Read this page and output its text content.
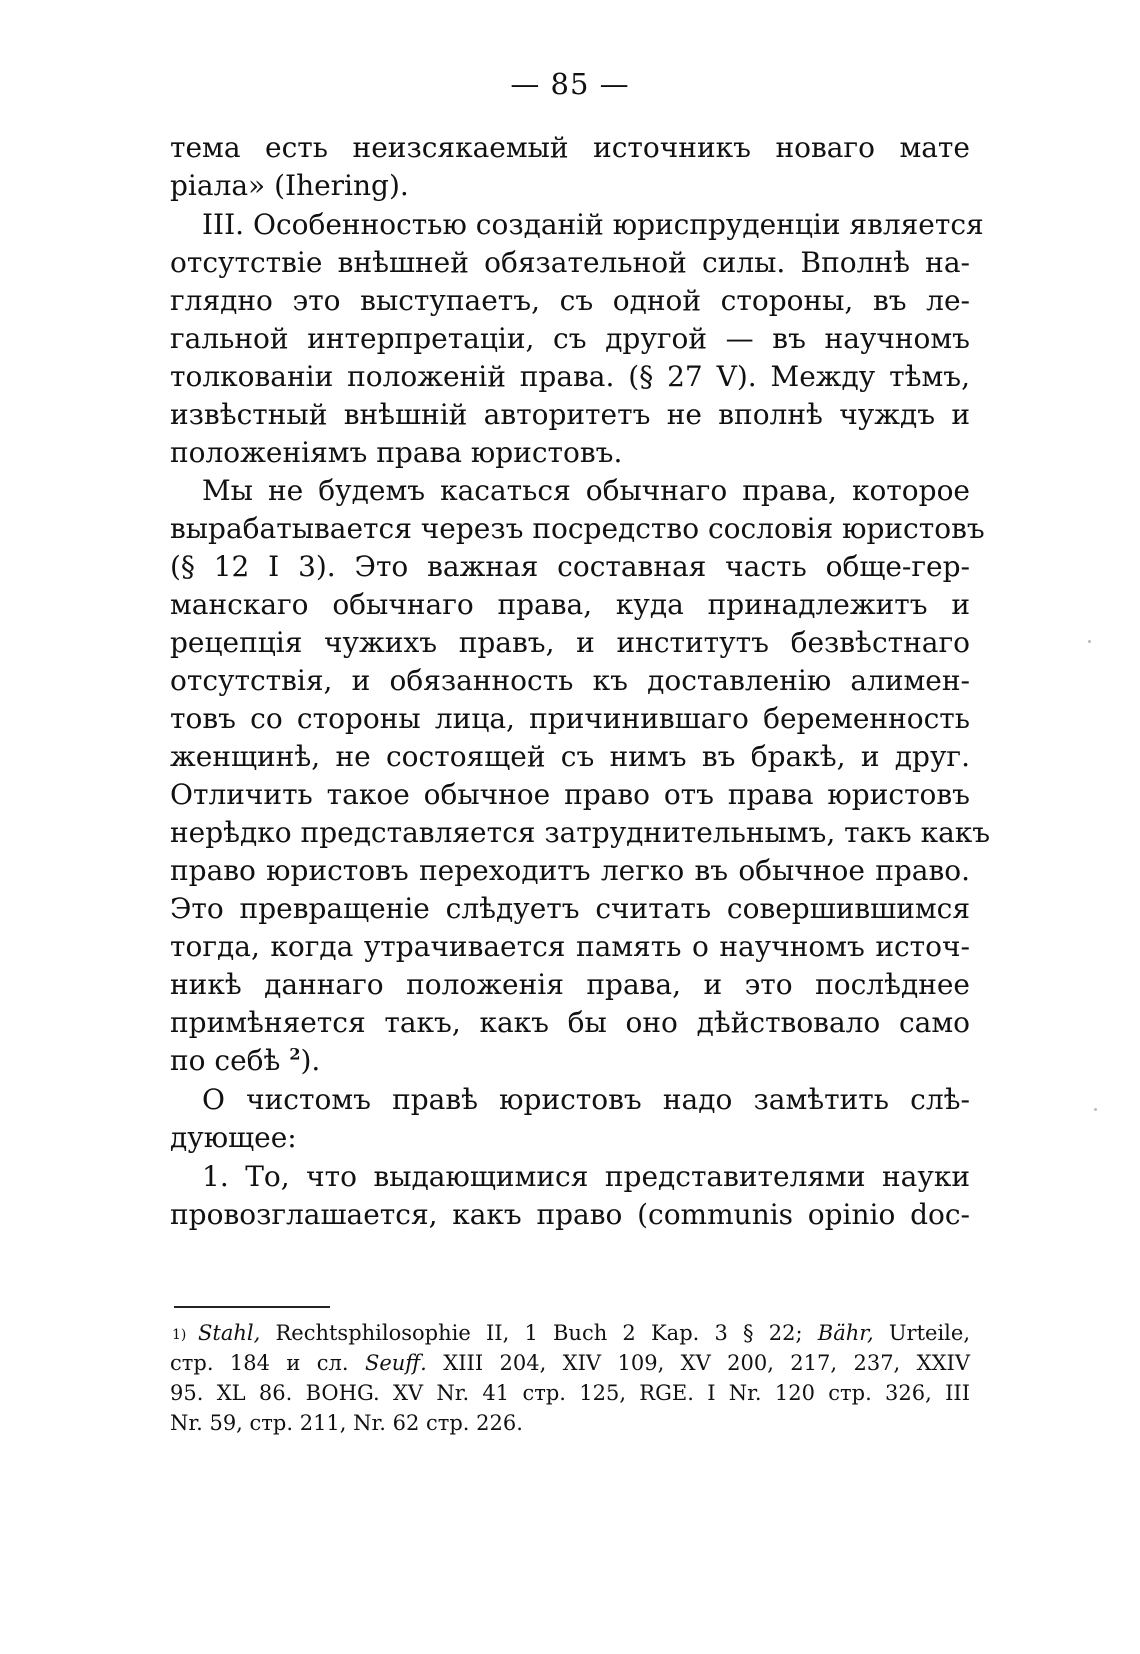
— 85 —
тема есть неизсякаемый источникъ новаго мате
ріала» (Ihering).
III. Особенностью созданій юриспруденціи является
отсутствіе внѣшней обязательной силы. Вполнѣ на-
глядно это выступаетъ, съ одной стороны, въ ле-
гальной интерпретаціи, съ другой — въ научномъ
толкованіи положеній права. (§ 27 V). Между тѣмъ,
извѣстный внѣшній авторитетъ не вполнѣ чуждъ и
положеніямъ права юристовъ.
Мы не будемъ касаться обычнаго права, которое
вырабатывается черезъ посредство сословія юристовъ
(§ 12 I 3). Это важная составная часть обще-гер-
манскаго обычнаго права, куда принадлежитъ и
рецепція чужихъ правъ, и институтъ безвѣстнаго
отсутствія, и обязанность къ доставленію алимен-
товъ со стороны лица, причинившаго беременность
женщинѣ, не состоящей съ нимъ въ бракѣ, и друг.
Отличить такое обычное право отъ права юристовъ
нерѣдко представляется затруднительнымъ, такъ какъ
право юристовъ переходитъ легко въ обычное право.
Это превращеніе слѣдуетъ считать совершившимся
тогда, когда утрачивается память о научномъ источ-
никѣ даннаго положенія права, и это послѣднее
примѣняется такъ, какъ бы оно дѣйствовало само
по себѣ $^2$).
О чистомъ правѣ юристовъ надо замѣтить слѣ-
дующее:
1. То, что выдающимися представителями науки
провозглашается, какъ право (communis opinio doc-
Stahl, Rechtsphilosophie II, 1 Buch 2 Kap. 3 § 22; Bähr, Urteile,
1)
стр. 184 и сл. Seuff. XIII 204, XIV 109, XV 200, 217, 237, XXIV
95. XL 86. BOHG. XV Nr. 41 стр. 125, RGE. I Nr. 120 стр. 326, III
Nr. 59, стр. 211, Nr. 62 стр. 226.
